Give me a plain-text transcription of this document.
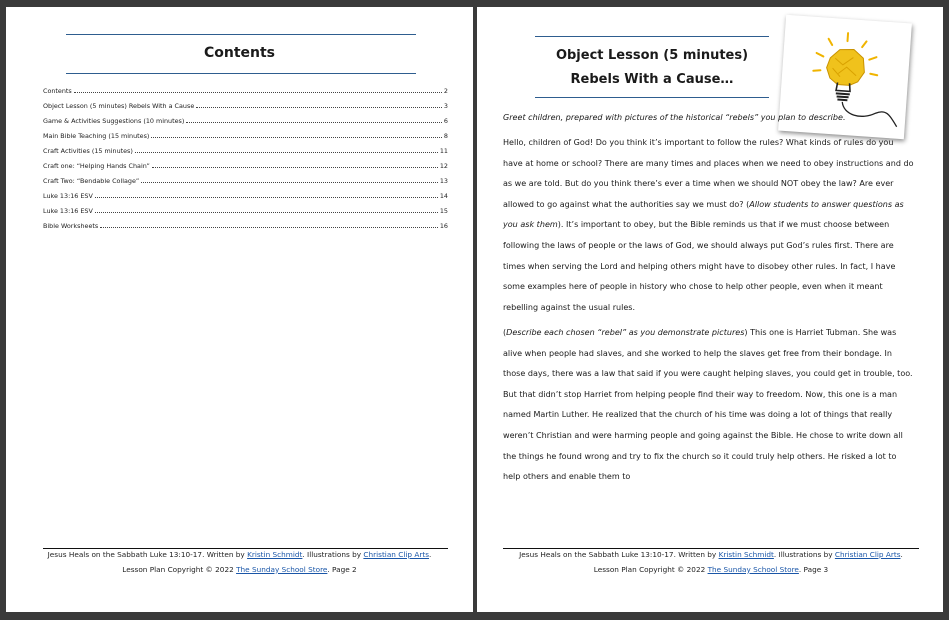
Contents
Contents	2
Object Lesson (5 minutes) Rebels With a Cause	3
Game & Activities Suggestions (10 minutes)	6
Main Bible Teaching (15 minutes)	8
Craft Activities (15 minutes)	11
Craft one: “Helping Hands Chain”	12
Craft Two: “Bendable Collage”	13
Luke 13:16 ESV	14
Luke 13:16 ESV	15
Bible Worksheets	16
Jesus Heals on the Sabbath Luke 13:10-17. Written by Kristin Schmidt. Illustrations by Christian Clip Arts.
Lesson Plan Copyright © 2022 The Sunday School Store. Page 2
Object Lesson (5 minutes)
Rebels With a Cause…

Greet children, prepared with pictures of the historical “rebels” you plan to describe.

Hello, children of God! Do you think it’s important to follow the rules? What kinds of rules do you have at home or school? There are many times and places when we need to obey instructions and do as we are told. But do you think there’s ever a time when we should NOT obey the law? Are ever allowed to go against what the authorities say we must do? (Allow students to answer questions as you ask them). It’s important to obey, but the Bible reminds us that if we must choose between following the laws of people or the laws of God, we should always put God’s rules first. There are times when serving the Lord and helping others might have to disobey other rules. In fact, I have some examples here of people in history who chose to help other people, even when it meant rebelling against the usual rules.

(Describe each chosen “rebel” as you demonstrate pictures) This one is Harriet Tubman. She was alive when people had slaves, and she worked to help the slaves get free from their bondage. In those days, there was a law that said if you were caught helping slaves, you could get in trouble, too. But that didn’t stop Harriet from helping people find their way to freedom. Now, this one is a man named Martin Luther. He realized that the church of his time was doing a lot of things that really weren’t Christian and were harming people and going against the Bible. He chose to write down all the things he found wrong and try to fix the church so it could truly help others. He risked a lot to help others and enable them to

Jesus Heals on the Sabbath Luke 13:10-17. Written by Kristin Schmidt. Illustrations by Christian Clip Arts.
Lesson Plan Copyright © 2022 The Sunday School Store. Page 3
